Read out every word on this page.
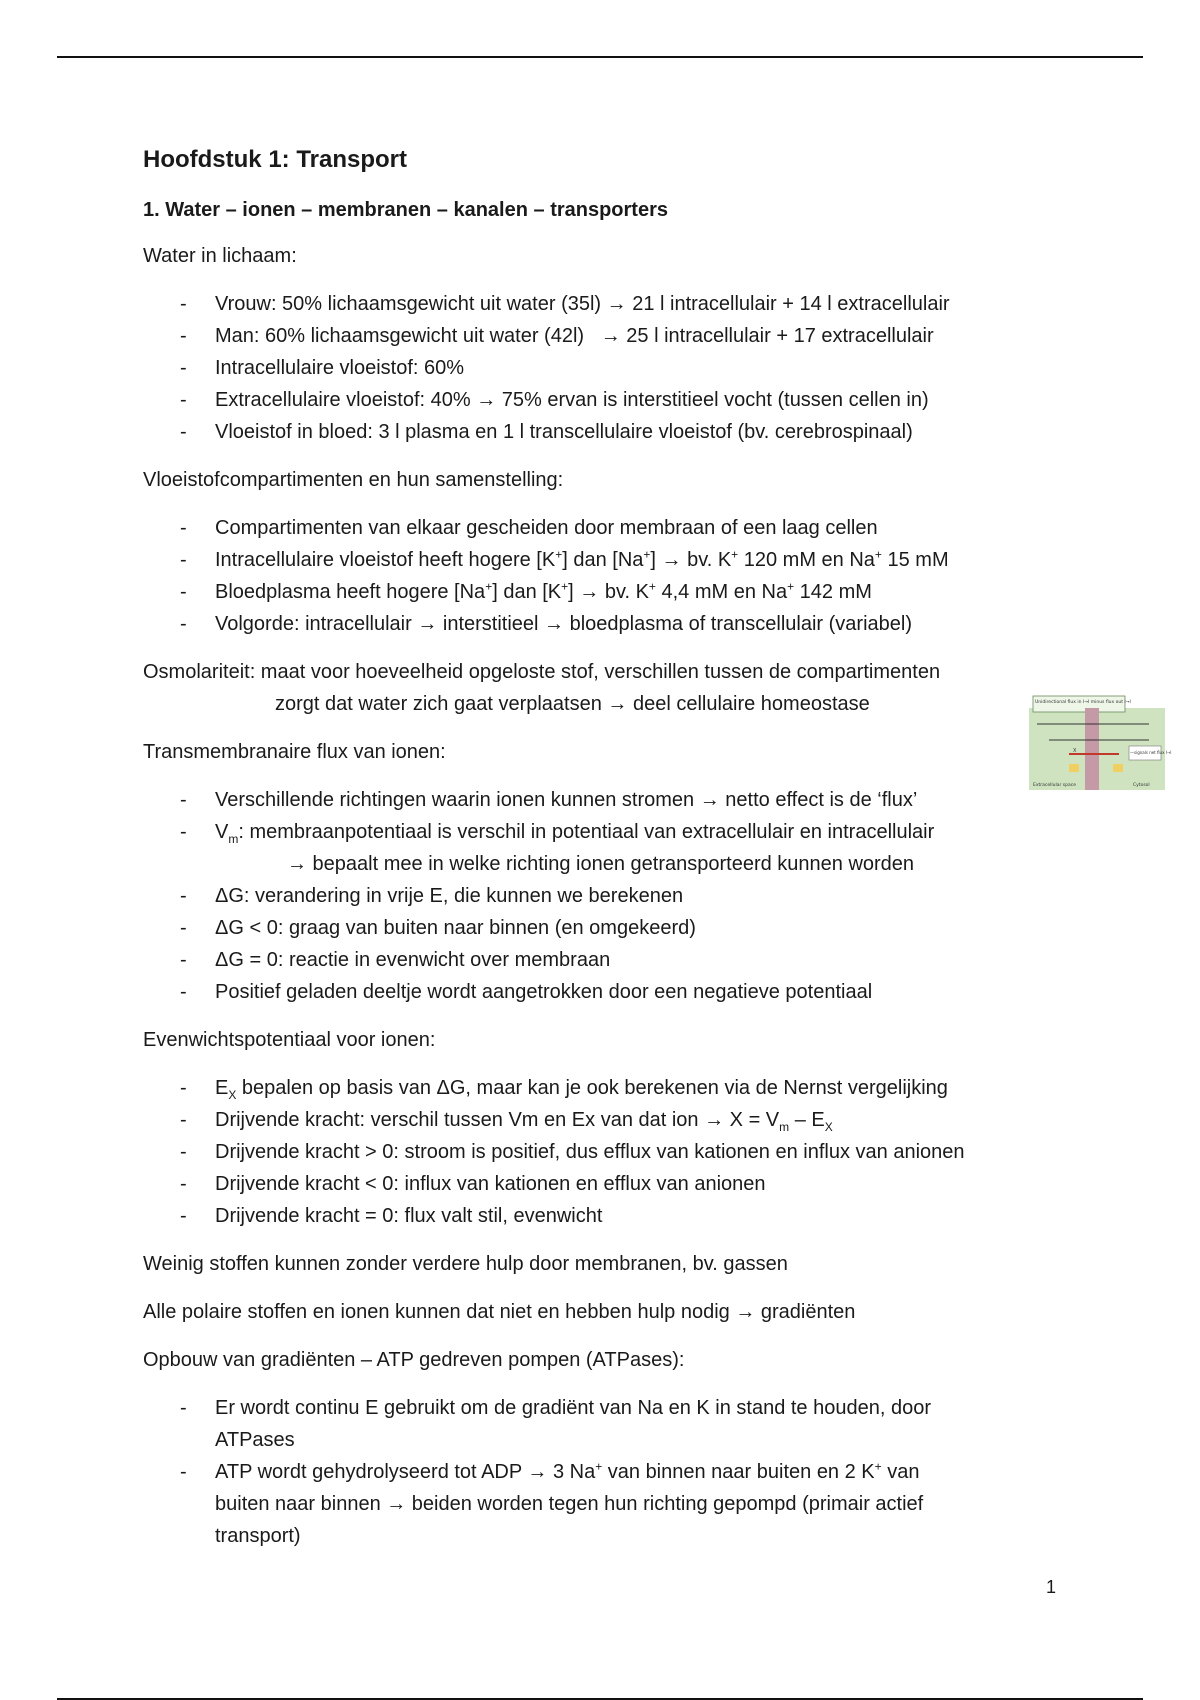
Hoofdstuk 1: Transport
1. Water – ionen – membranen – kanalen – transporters

Water in lichaam:

- Vrouw: 50% lichaamsgewicht uit water (35l) → 21 l intracellulair + 14 l extracellulair
- Man: 60% lichaamsgewicht uit water (42l)   → 25 l intracellulair + 17 extracellulair
- Intracellulaire vloeistof: 60%
- Extracellulaire vloeistof: 40% → 75% ervan is interstitieel vocht (tussen cellen in)
- Vloeistof in bloed: 3 l plasma en 1 l transcellulaire vloeistof (bv. cerebrospinaal)

Vloeistofcompartimenten en hun samenstelling:

- Compartimenten van elkaar gescheiden door membraan of een laag cellen
- Intracellulaire vloeistof heeft hogere [K+] dan [Na+] → bv. K+ 120 mM en Na+ 15 mM
- Bloedplasma heeft hogere [Na+] dan [K+] → bv. K+ 4,4 mM en Na+ 142 mM
- Volgorde: intracellulair → interstitieel → bloedplasma of transcellulair (variabel)

Osmolariteit: maat voor hoeveelheid opgeloste stof, verschillen tussen de compartimenten

zorgt dat water zich gaat verplaatsen → deel cellulaire homeostase

Transmembranaire flux van ionen:

- Verschillende richtingen waarin ionen kunnen stromen → netto effect is de ‘flux’
- $V_m$: membraanpotentiaal is verschil in potentiaal van extracellulair en intracellulair
→ bepaalt mee in welke richting ionen getransporteerd kunnen worden
- ΔG: verandering in vrije E, die kunnen we berekenen
- ΔG < 0: graag van buiten naar binnen (en omgekeerd)
- ΔG = 0: reactie in evenwicht over membraan
- Positief geladen deeltje wordt aangetrokken door een negatieve potentiaal

Evenwichtspotentiaal voor ionen:

- $E_X$ bepalen op basis van ΔG, maar kan je ook berekenen via de Nernst vergelijking
- Drijvende kracht: verschil tussen Vm en Ex van dat ion → $X = V_m - E_X$
- Drijvende kracht > 0: stroom is positief, dus efflux van kationen en influx van anionen
- Drijvende kracht < 0: influx van kationen en efflux van anionen
- Drijvende kracht = 0: flux valt stil, evenwicht

Weinig stoffen kunnen zonder verdere hulp door membranen, bv. gassen

Alle polaire stoffen en ionen kunnen dat niet en hebben hulp nodig → gradiënten

Opbouw van gradiënten – ATP gedreven pompen (ATPases):

- Er wordt continu E gebruikt om de gradiënt van Na en K in stand te houden, door
ATPases
- ATP wordt gehydrolyseerd tot ADP → 3 Na+ van binnen naar buiten en 2 K+ van
buiten naar binnen → beiden worden tegen hun richting gepompd (primair actief
transport)
Unidirectional flux in I→I minus flux out I→I
X	—signals net flux I→I
Extracellular space	Cytosol
1
